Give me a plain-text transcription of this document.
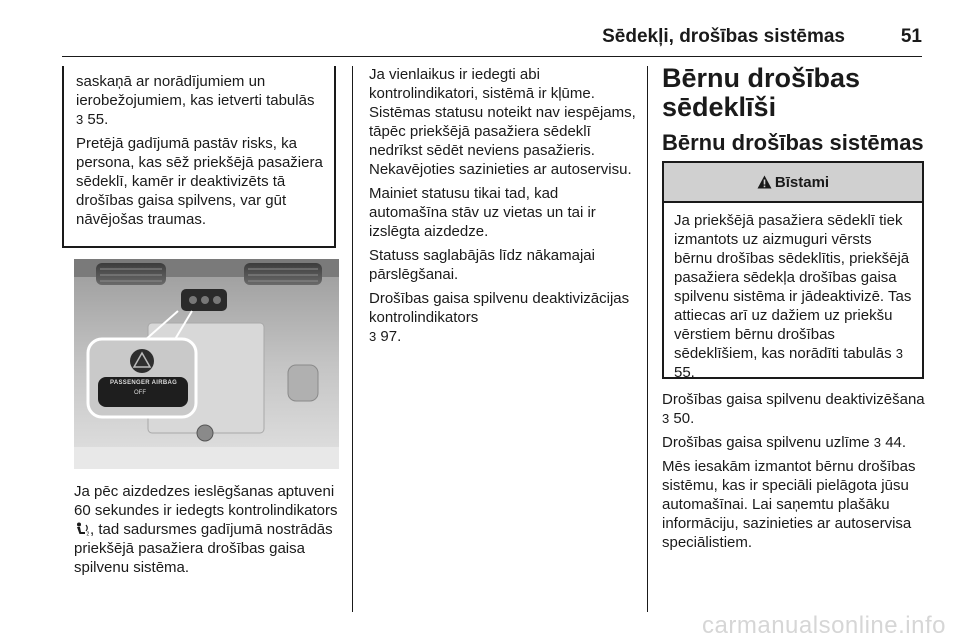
Sēdekļi, drošības sistēmas	51

saskaņā ar norādījumiem un ierobežojumiem, kas ietverti tabulās 3 55.

Pretējā gadījumā pastāv risks, ka persona, kas sēž priekšējā pasažiera sēdeklī, kamēr ir deaktivizēts tā drošības gaisa spilvens, var gūt nāvējošas traumas.

PASSENGER AIRBAG
OFF

Ja pēc aizdedzes ieslēgšanas aptuveni 60 sekundes ir iedegts kontrolindikators
2 , tad sadursmes gadījumā nostrādās priekšējā pasažiera drošības gaisa spilvenu sistēma.

Ja vienlaikus ir iedegti abi kontrolindikatori, sistēmā ir kļūme. Sistēmas statusu noteikt nav iespējams, tāpēc priekšējā pasažiera sēdeklī nedrīkst sēdēt neviens pasažieris. Nekavējoties sazinieties ar autoservisu.

Mainiet statusu tikai tad, kad automašīna stāv uz vietas un tai ir izslēgta aizdedze.

Statuss saglabājās līdz nākamajai pārslēgšanai.

Drošības gaisa spilvenu deaktivizācijas kontrolindikators
3 97.

Bērnu drošības sēdeklīši
Bērnu drošības sistēmas
Bīstami

Ja priekšējā pasažiera sēdeklī tiek izmantots uz aizmuguri vērsts bērnu drošības sēdeklītis, priekšējā pasažiera sēdekļa drošības gaisa spilvenu sistēma ir jādeaktivizē. Tas attiecas arī uz dažiem uz priekšu vērstiem bērnu drošības sēdeklīšiem, kas norādīti tabulās 3 55.

Drošības gaisa spilvenu deaktivizēšana
3 50.

Drošības gaisa spilvenu uzlīme 3 44.

Mēs iesakām izmantot bērnu drošības sistēmu, kas ir speciāli pielāgota jūsu automašīnai. Lai saņemtu plašāku informāciju, sazinieties ar autoservisa speciālistiem.

carmanualsonline.info
